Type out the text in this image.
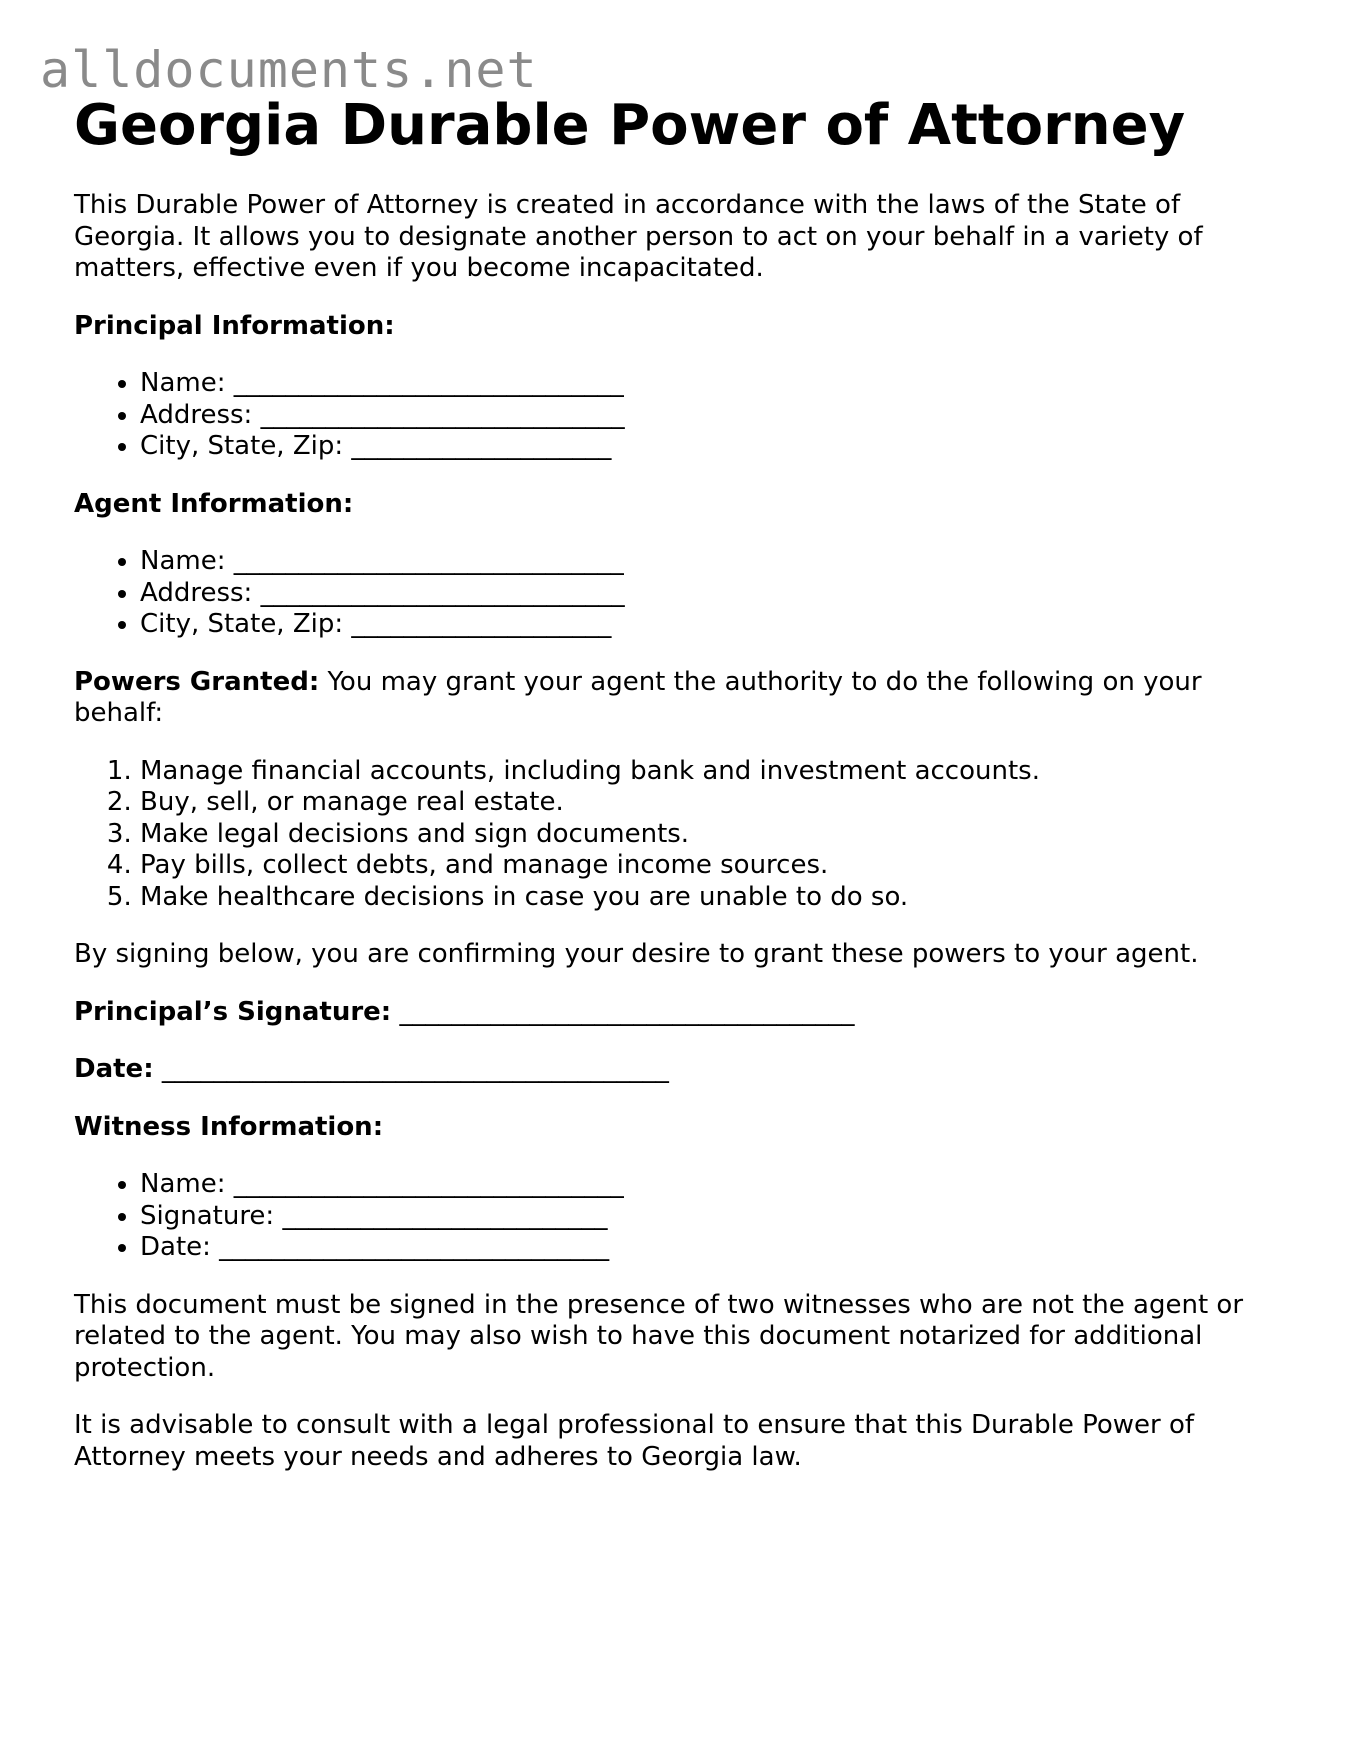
alldocuments.net
Georgia Durable Power of Attorney

This Durable Power of Attorney is created in accordance with the laws of the State of Georgia. It allows you to designate another person to act on your behalf in a variety of matters, effective even if you become incapacitated.

Principal Information:

• Name: ______________________________
• Address: ____________________________
• City, State, Zip: ____________________

Agent Information:

• Name: ______________________________
• Address: ____________________________
• City, State, Zip: ____________________

Powers Granted: You may grant your agent the authority to do the following on your behalf:

1. Manage financial accounts, including bank and investment accounts.
2. Buy, sell, or manage real estate.
3. Make legal decisions and sign documents.
4. Pay bills, collect debts, and manage income sources.
5. Make healthcare decisions in case you are unable to do so.

By signing below, you are confirming your desire to grant these powers to your agent.

Principal’s Signature: ___________________________________

Date: _______________________________________

Witness Information:

• Name: ______________________________
• Signature: _________________________
• Date: ______________________________

This document must be signed in the presence of two witnesses who are not the agent or related to the agent. You may also wish to have this document notarized for additional protection.

It is advisable to consult with a legal professional to ensure that this Durable Power of Attorney meets your needs and adheres to Georgia law.
